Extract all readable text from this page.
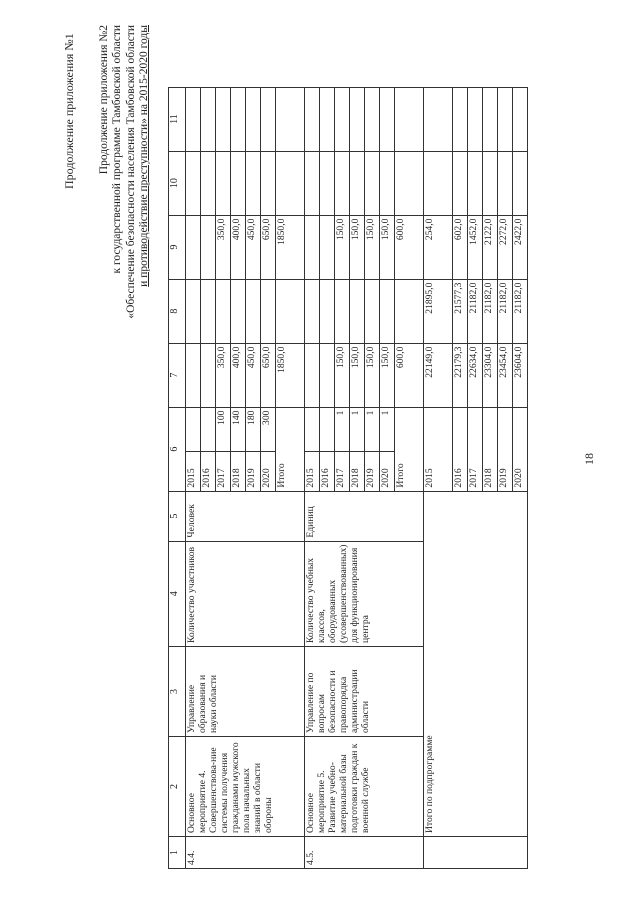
18
Продолжение приложения №1 Продолжение приложения №2 к государственной программе Тамбовской области «Обеспечение безопасности населения Тамбовской области и противодействие преступности» на 2015-2020 годы
1	2	3	4	5	6		7	8	9	10	11
4.4.	Основное мероприятие 4. Совершенствова-ние системы получения гражданами мужского пола начальных знаний в области обороны	Управление образования и науки области	Количество участников	Человек	2015						
					2016						
					2017	100	350,0		350,0		
					2018	140	400,0		400,0		
					2019	180	450,0		450,0		
					2020	300	650,0		650,0		
					Итого		1850,0		1850,0		
4.5.	Основное мероприятие 5. Развитие учебно-материальной базы подготовки граждан к военной службе	Управление по вопросам безопасности и правопорядка администрации области	Количество учебных классов, оборудованных (усовершенствованных) для функционирования центра	Единиц	2015						
					2016						
					2017	1	150,0		150,0		
					2018	1	150,0		150,0		
					2019	1	150,0		150,0		
					2020	1	150,0		150,0		
					Итого		600,0		600,0		
	Итого по подпрограмме				2015		22149,0	21895,0	254,0		
					2016		22179,3	21577,3	602,0		
					2017		22634,0	21182,0	1452,0		
					2018		23304,0	21182,0	2122,0		
					2019		23454,0	21182,0	2272,0		
					2020		23604,0	21182,0	2422,0		
